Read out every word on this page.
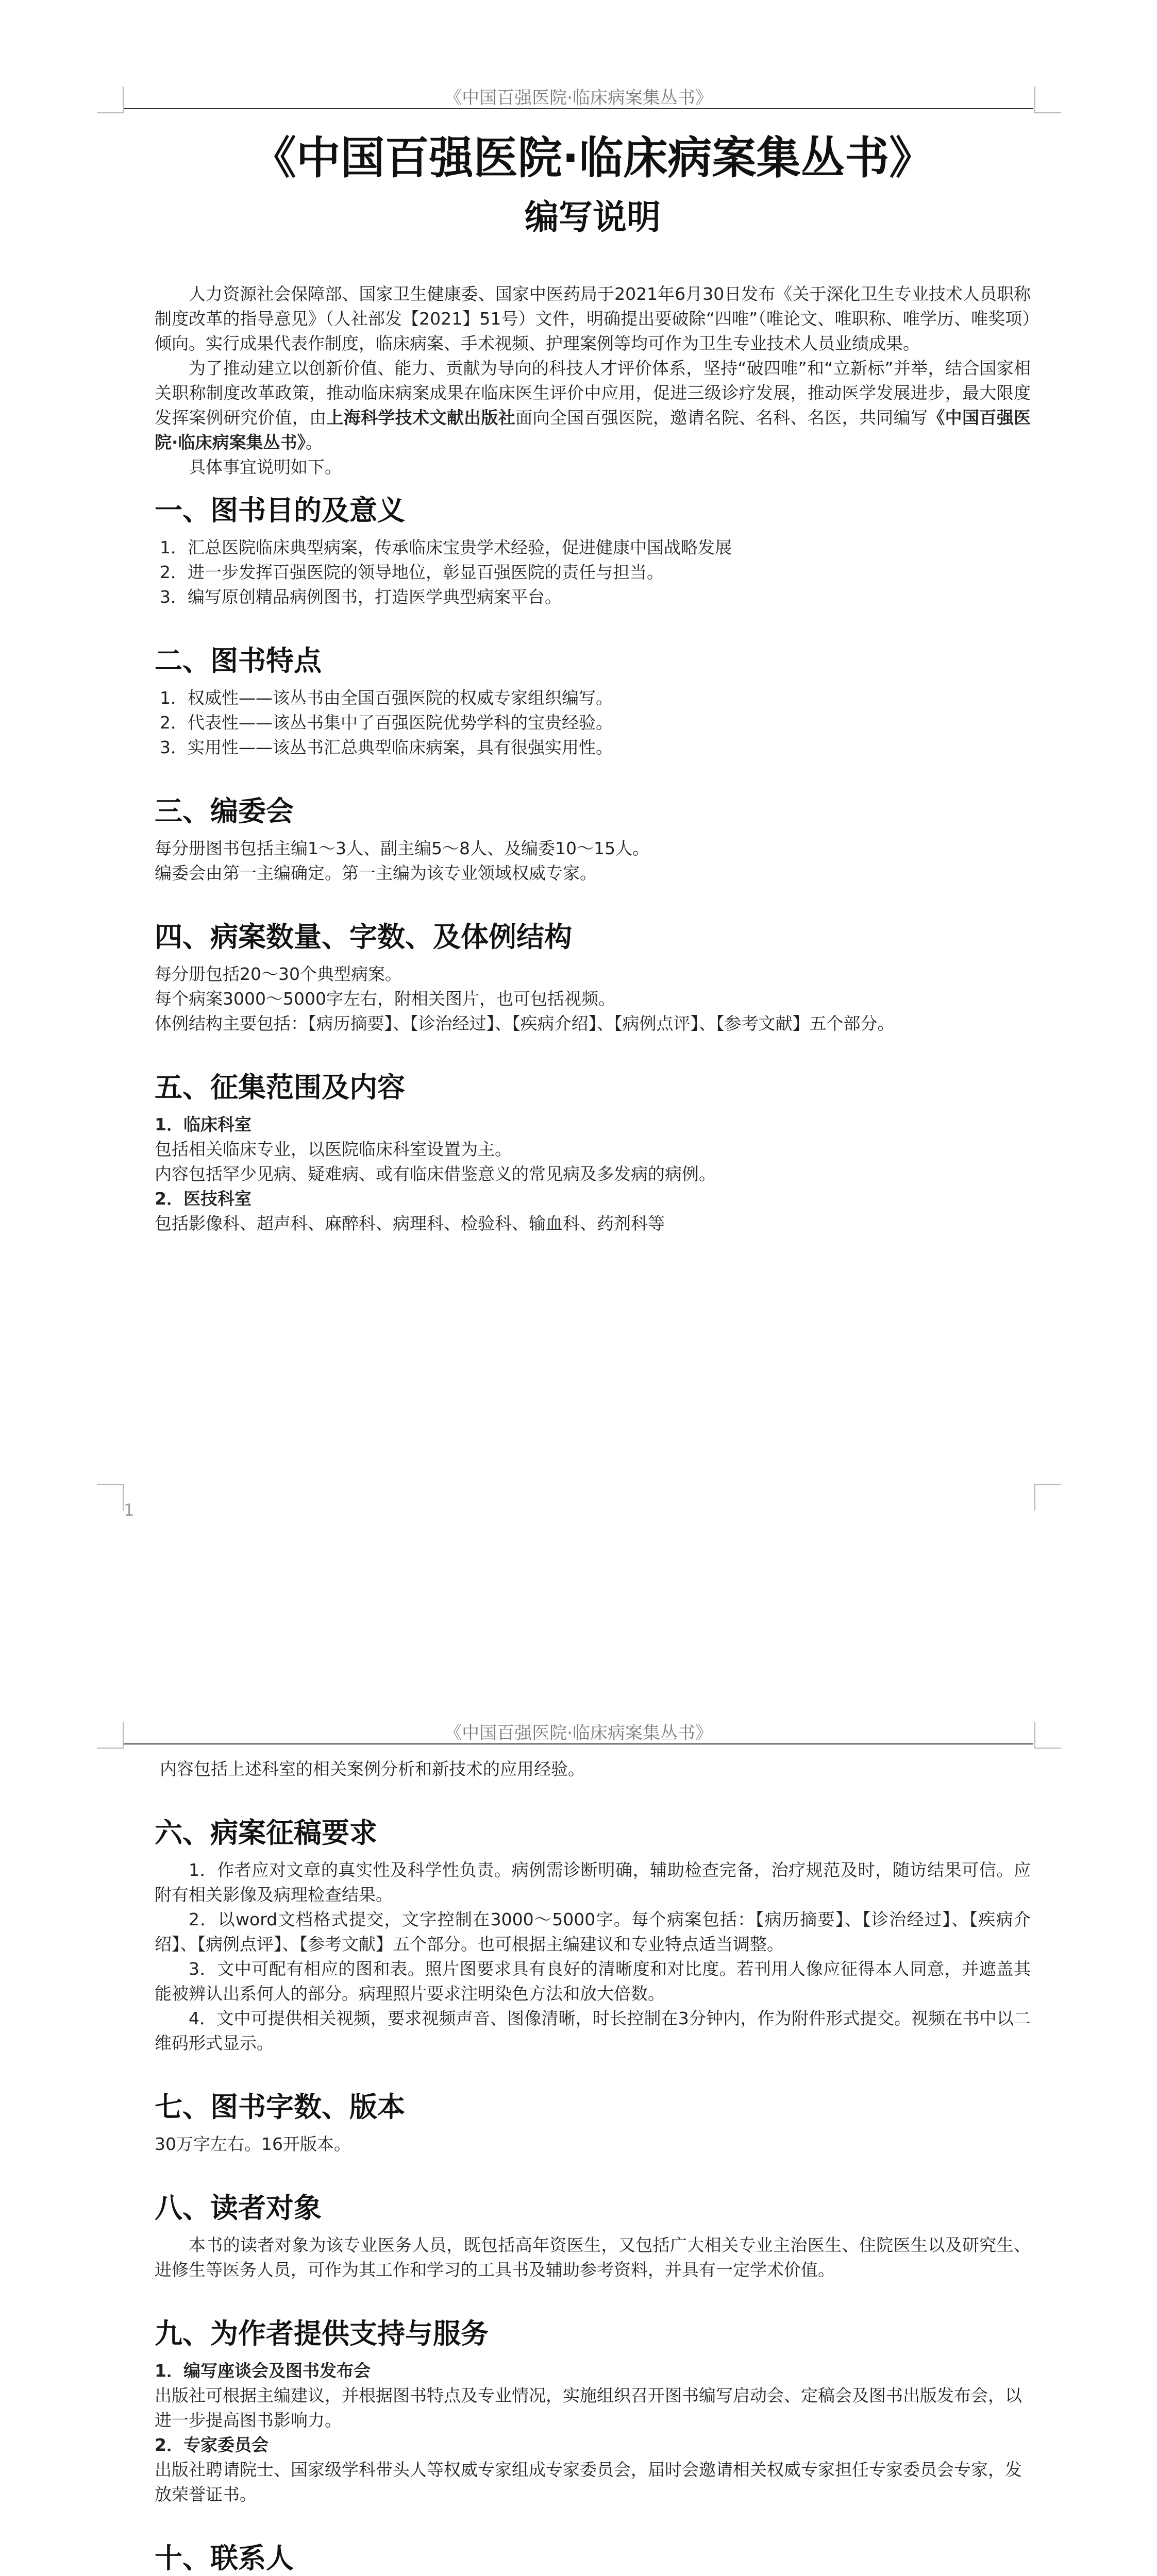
《中国百强医院·临床病案集丛书》
《中国百强医院·临床病案集丛书》
编写说明

人力资源社会保障部、国家卫生健康委、国家中医药局于2021年6月30日发布《关于深化卫生专业技术人员职称制度改革的指导意见》（人社部发【2021】51号）文件，明确提出要破除“四唯”（唯论文、唯职称、唯学历、唯奖项）倾向。实行成果代表作制度，临床病案、手术视频、护理案例等均可作为卫生专业技术人员业绩成果。

为了推动建立以创新价值、能力、贡献为导向的科技人才评价体系，坚持“破四唯”和“立新标”并举，结合国家相关职称制度改革政策，推动临床病案成果在临床医生评价中应用，促进三级诊疗发展，推动医学发展进步，最大限度发挥案例研究价值，由上海科学技术文献出版社面向全国百强医院，邀请名院、名科、名医，共同编写《中国百强医院·临床病案集丛书》。

具体事宜说明如下。

一、图书目的及意义

1．汇总医院临床典型病案，传承临床宝贵学术经验，促进健康中国战略发展

2．进一步发挥百强医院的领导地位，彰显百强医院的责任与担当。

3．编写原创精品病例图书，打造医学典型病案平台。

二、图书特点

1．权威性——该丛书由全国百强医院的权威专家组织编写。

2．代表性——该丛书集中了百强医院优势学科的宝贵经验。

3．实用性——该丛书汇总典型临床病案，具有很强实用性。

三、编委会

每分册图书包括主编1～3人、副主编5～8人、及编委10～15人。

编委会由第一主编确定。第一主编为该专业领域权威专家。

四、病案数量、字数、及体例结构

每分册包括20～30个典型病案。

每个病案3000～5000字左右，附相关图片，也可包括视频。

体例结构主要包括：【病历摘要】、【诊治经过】、【疾病介绍】、【病例点评】、【参考文献】五个部分。

五、征集范围及内容

1．临床科室

包括相关临床专业，以医院临床科室设置为主。

内容包括罕少见病、疑难病、或有临床借鉴意义的常见病及多发病的病例。

2．医技科室

包括影像科、超声科、麻醉科、病理科、检验科、输血科、药剂科等

1
《中国百强医院·临床病案集丛书》

内容包括上述科室的相关案例分析和新技术的应用经验。

六、病案征稿要求

1．作者应对文章的真实性及科学性负责。病例需诊断明确，辅助检查完备，治疗规范及时，随访结果可信。应附有相关影像及病理检查结果。

2．以word文档格式提交，文字控制在3000～5000字。每个病案包括：【病历摘要】、【诊治经过】、【疾病介绍】、【病例点评】、【参考文献】五个部分。也可根据主编建议和专业特点适当调整。

3．文中可配有相应的图和表。照片图要求具有良好的清晰度和对比度。若刊用人像应征得本人同意，并遮盖其能被辨认出系何人的部分。病理照片要求注明染色方法和放大倍数。

4．文中可提供相关视频，要求视频声音、图像清晰，时长控制在3分钟内，作为附件形式提交。视频在书中以二维码形式显示。

七、图书字数、版本

30万字左右。16开版本。

八、读者对象

本书的读者对象为该专业医务人员，既包括高年资医生，又包括广大相关专业主治医生、住院医生以及研究生、进修生等医务人员，可作为其工作和学习的工具书及辅助参考资料，并具有一定学术价值。

九、为作者提供支持与服务

1．编写座谈会及图书发布会

出版社可根据主编建议，并根据图书特点及专业情况，实施组织召开图书编写启动会、定稿会及图书出版发布会，以进一步提高图书影响力。

2．专家委员会

出版社聘请院士、国家级学科带头人等权威专家组成专家委员会，届时会邀请相关权威专家担任专家委员会专家，发放荣誉证书。

十、联系人
